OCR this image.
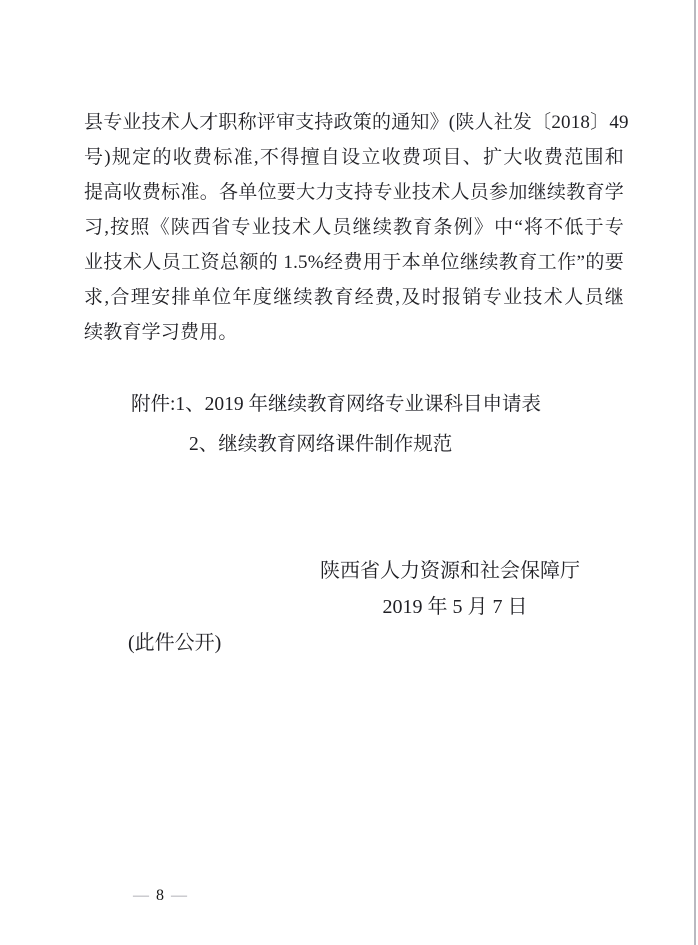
县专业技术人才职称评审支持政策的通知》(陕人社发〔2018〕49
号)规定的收费标准,不得擅自设立收费项目、扩大收费范围和
提高收费标准。各单位要大力支持专业技术人员参加继续教育学
习,按照《陕西省专业技术人员继续教育条例》中“将不低于专
业技术人员工资总额的 1.5%经费用于本单位继续教育工作”的要
求,合理安排单位年度继续教育经费,及时报销专业技术人员继
续教育学习费用。
附件:1、2019 年继续教育网络专业课科目申请表
2、继续教育网络课件制作规范
陕西省人力资源和社会保障厅
2019 年 5 月 7 日
(此件公开)
— 8 —
